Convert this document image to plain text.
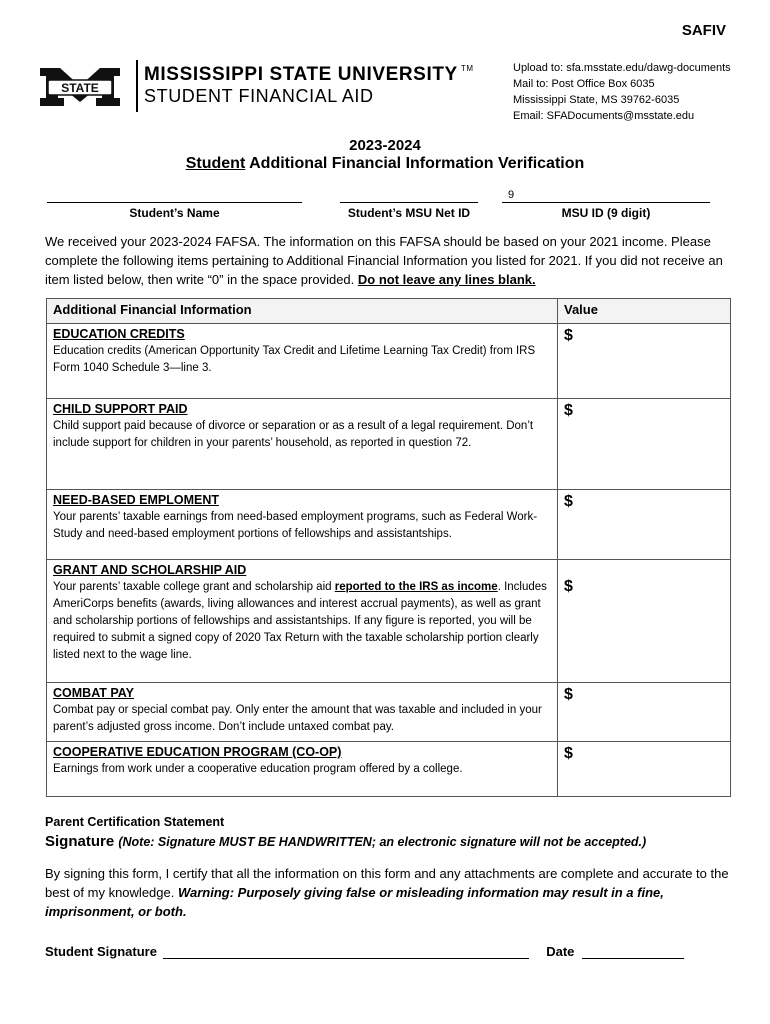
SAFIV
STATE
MISSISSIPPI STATE UNIVERSITY ™
STUDENT FINANCIAL AID
Upload to: sfa.msstate.edu/dawg-documents
Mail to: Post Office Box 6035
Mississippi State, MS 39762-6035
Email: SFADocuments@msstate.edu
2023-2024
Student Additional Financial Information Verification
Student’s Name	Student’s MSU Net ID
9
MSU ID (9 digit)
We received your 2023-2024 FAFSA. The information on this FAFSA should be based on your 2021 income. Please complete the following items pertaining to Additional Financial Information you listed for 2021. If you did not receive an item listed below, then write “0” in the space provided. Do not leave any lines blank.
Additional Financial Information	Value

EDUCATION CREDITS
Education credits (American Opportunity Tax Credit and Lifetime Learning Tax Credit) from IRS Form 1040 Schedule 3—line 3.	$

CHILD SUPPORT PAID
Child support paid because of divorce or separation or as a result of a legal requirement. Don’t include support for children in your parents’ household, as reported in question 72.	$

NEED-BASED EMPLOMENT
Your parents’ taxable earnings from need-based employment programs, such as Federal Work-Study and need-based employment portions of fellowships and assistantships.	$

GRANT AND SCHOLARSHIP AID
Your parents’ taxable college grant and scholarship aid reported to the IRS as income. Includes AmeriCorps benefits (awards, living allowances and interest accrual payments), as well as grant and scholarship portions of fellowships and assistantships. If any figure is reported, you will be required to submit a signed copy of 2020 Tax Return with the taxable scholarship portion clearly listed next to the wage line.	$

COMBAT PAY
Combat pay or special combat pay. Only enter the amount that was taxable and included in your parent’s adjusted gross income. Don’t include untaxed combat pay.	$

COOPERATIVE EDUCATION PROGRAM (CO-OP)
Earnings from work under a cooperative education program offered by a college.	$
Parent Certification Statement
Signature (Note: Signature MUST BE HANDWRITTEN; an electronic signature will not be accepted.)
By signing this form, I certify that all the information on this form and any attachments are complete and accurate to the best of my knowledge. Warning: Purposely giving false or misleading information may result in a fine, imprisonment, or both.
Student Signature	Date
